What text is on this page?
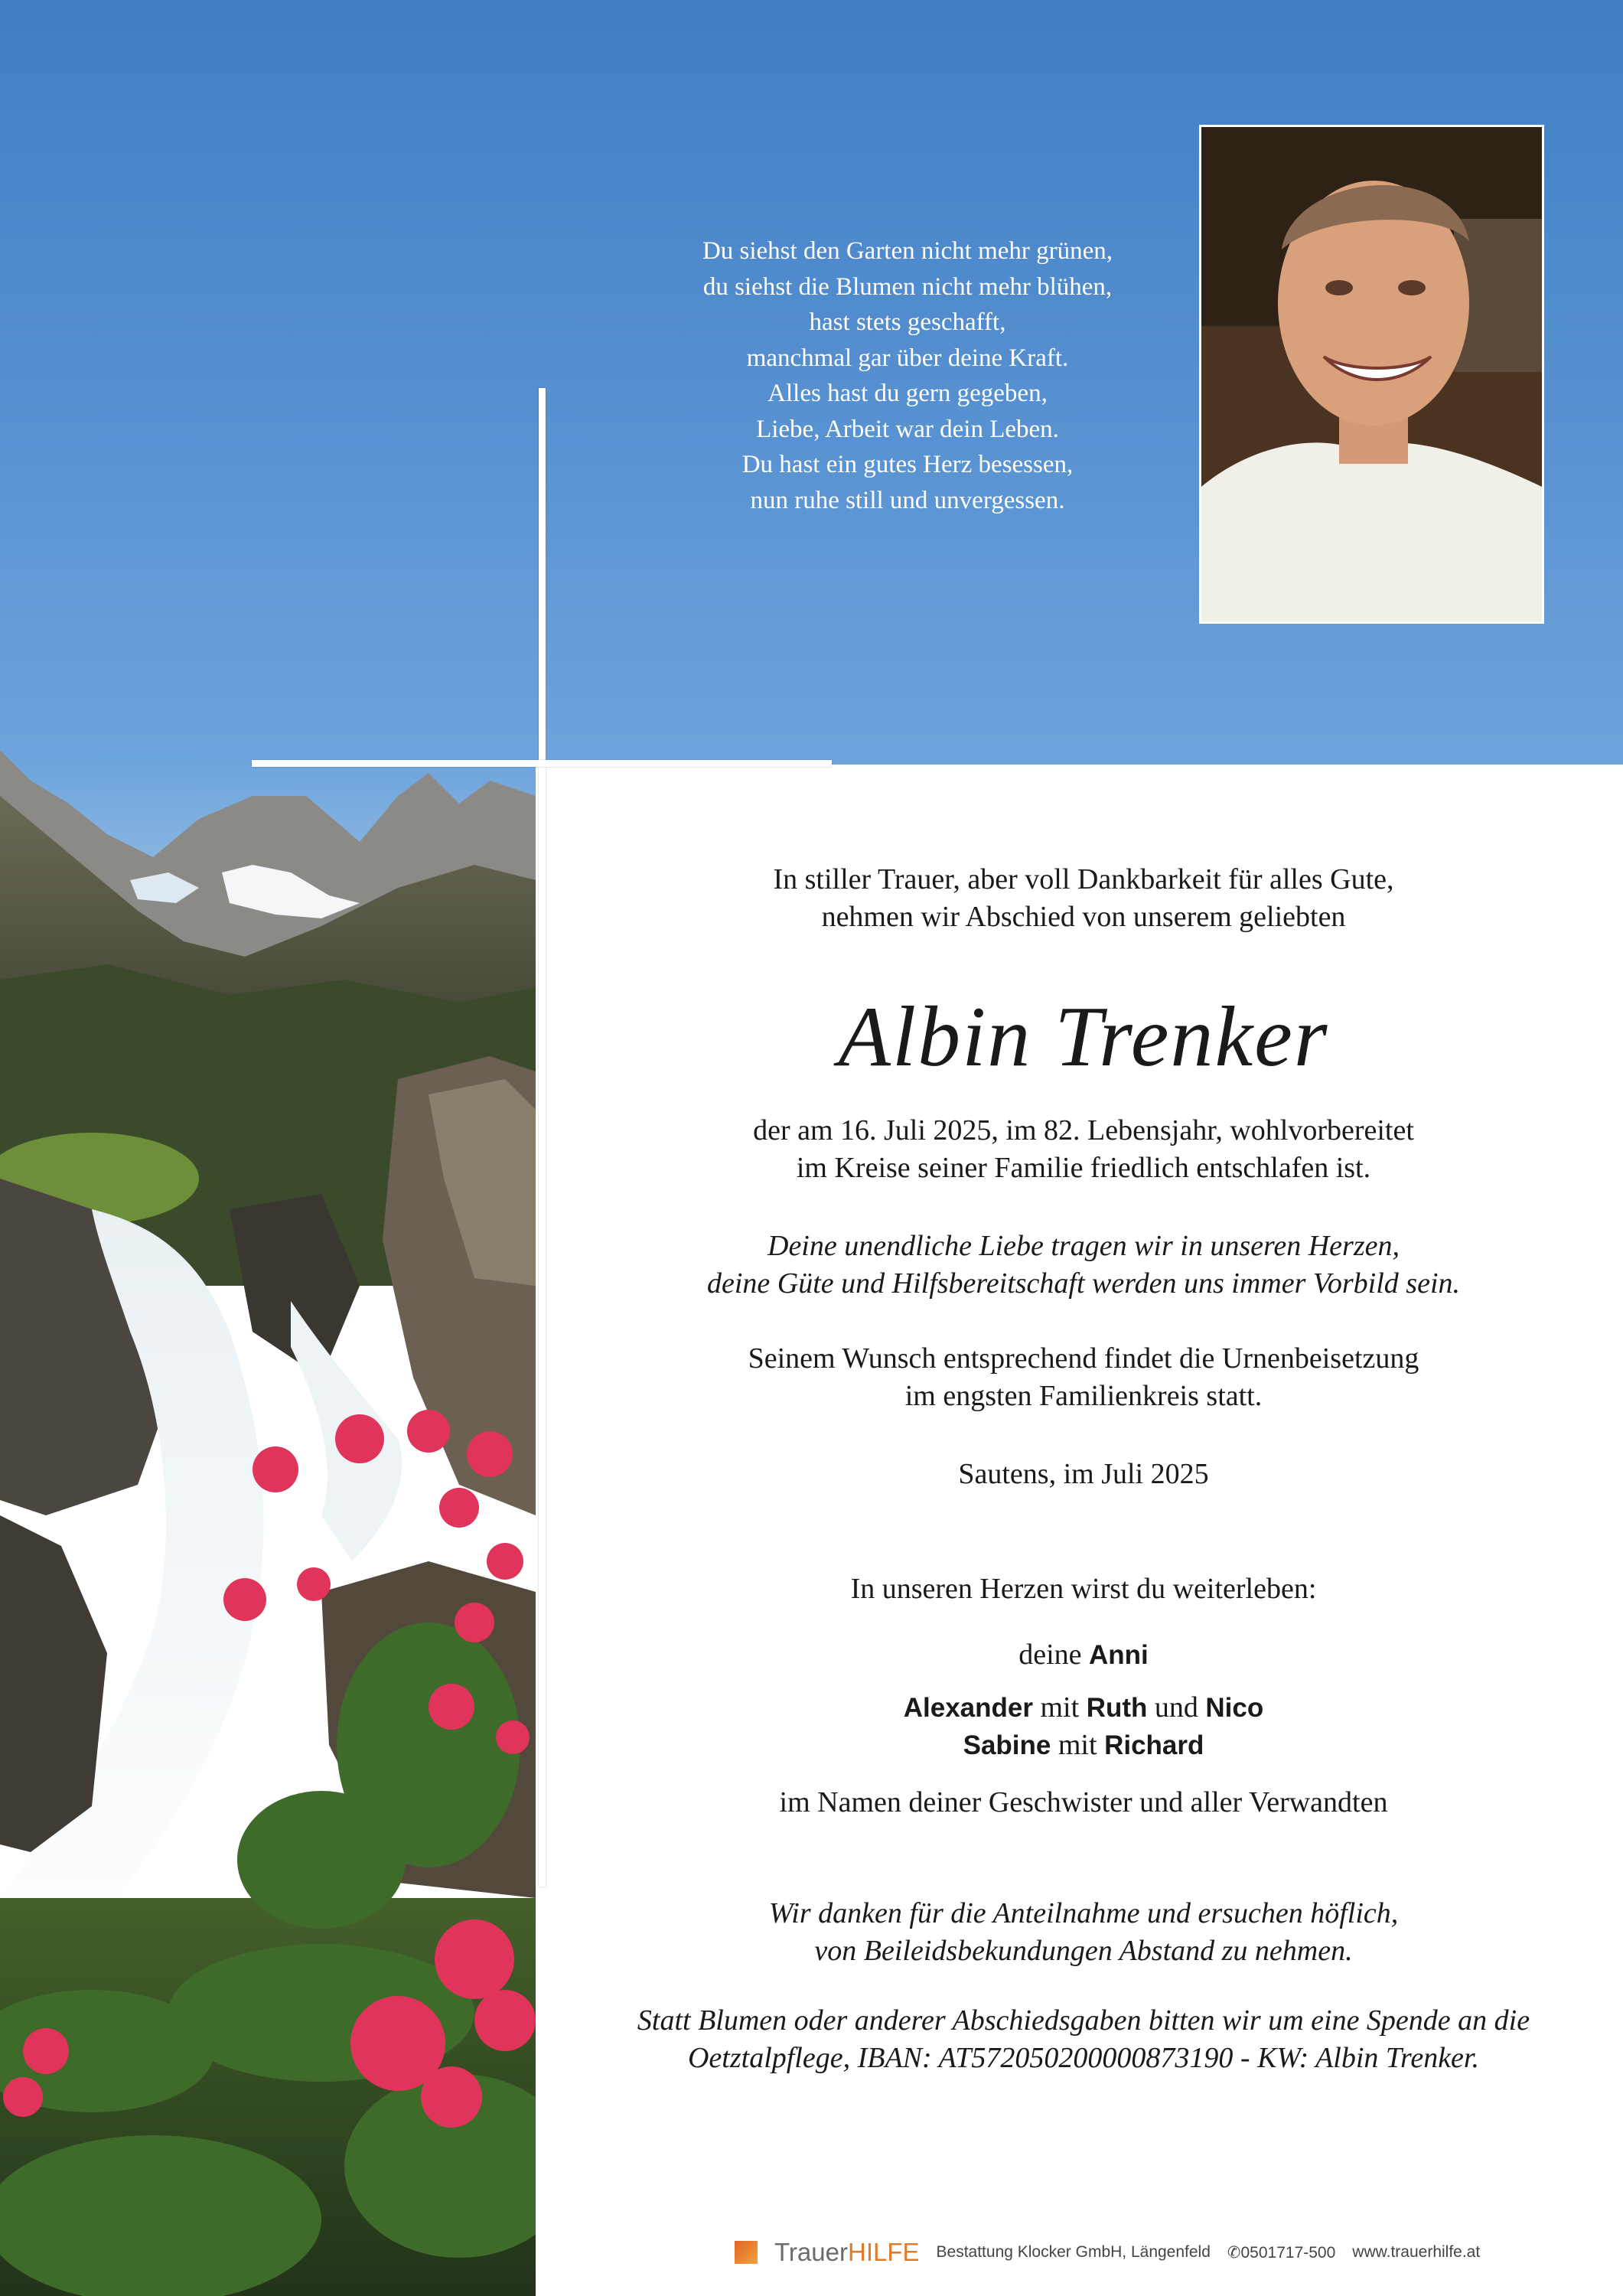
Du siehst den Garten nicht mehr grünen,
du siehst die Blumen nicht mehr blühen,
hast stets geschafft,
manchmal gar über deine Kraft.
Alles hast du gern gegeben,
Liebe, Arbeit war dein Leben.
Du hast ein gutes Herz besessen,
nun ruhe still und unvergessen.
In stiller Trauer, aber voll Dankbarkeit für alles Gute,
nehmen wir Abschied von unserem geliebten
Albin Trenker
der am 16. Juli 2025, im 82. Lebensjahr, wohlvorbereitet
im Kreise seiner Familie friedlich entschlafen ist.
Deine unendliche Liebe tragen wir in unseren Herzen,
deine Güte und Hilfsbereitschaft werden uns immer Vorbild sein.
Seinem Wunsch entsprechend findet die Urnenbeisetzung
im engsten Familienkreis statt.
Sautens, im Juli 2025
In unseren Herzen wirst du weiterleben:
deine Anni
Alexander mit Ruth und Nico
Sabine mit Richard
im Namen deiner Geschwister und aller Verwandten
Wir danken für die Anteilnahme und ersuchen höflich,
von Beileidsbekundungen Abstand zu nehmen.
Statt Blumen oder anderer Abschiedsgaben bitten wir um eine Spende an die
Oetztalpflege, IBAN: AT572050200000873190 - KW: Albin Trenker.
TrauerHILFE Bestattung Klocker GmbH, Längenfeld ✆0501717-500 www.trauerhilfe.at
